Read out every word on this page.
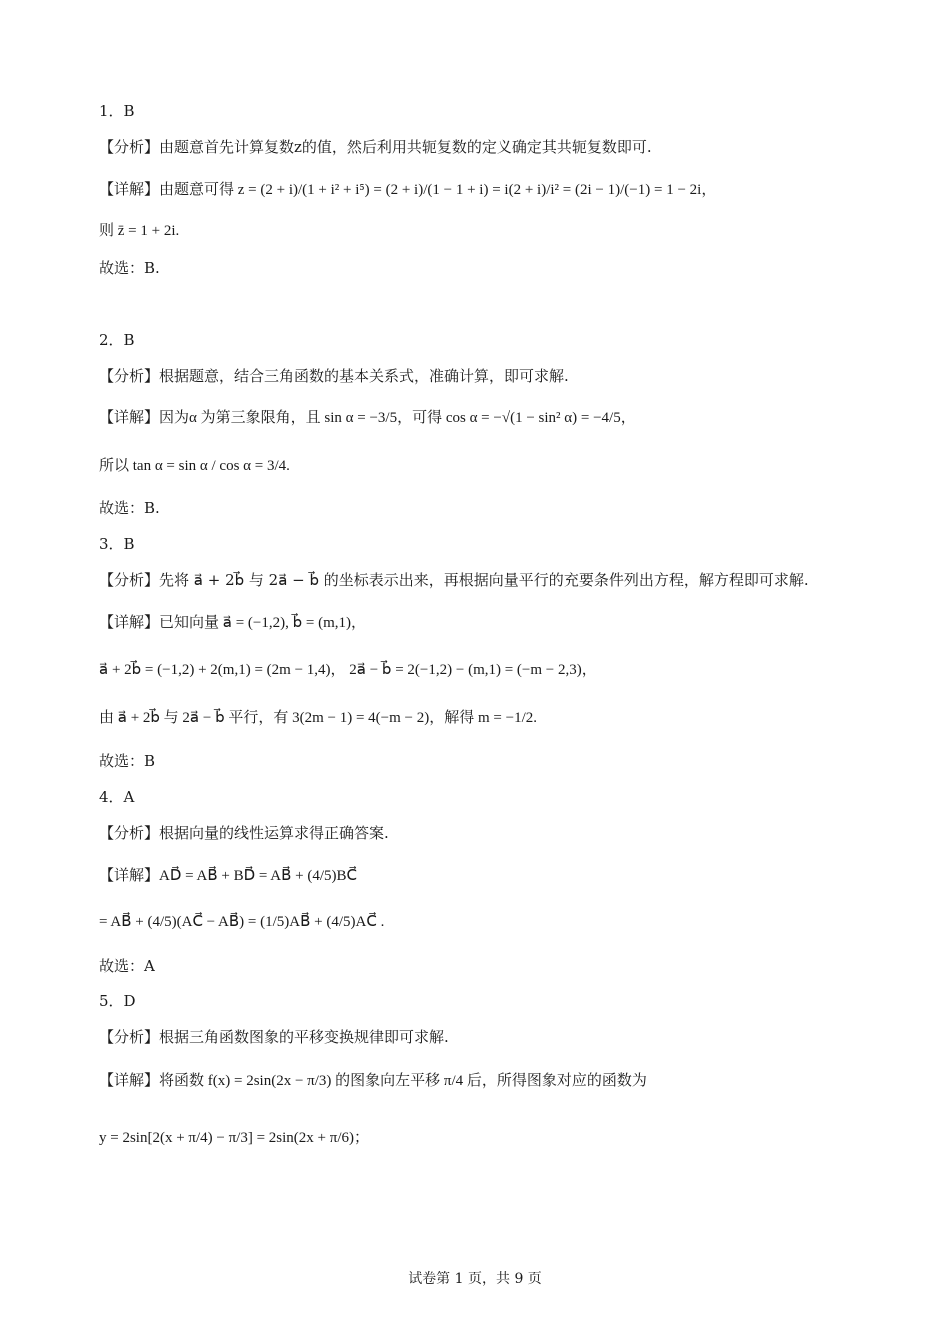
1．B
【分析】由题意首先计算复数z的值，然后利用共轭复数的定义确定其共轭复数即可.
【详解】由题意可得 z = (2 + i)/(1 + i² + i⁵) = (2 + i)/(1 − 1 + i) = i(2 + i)/i² = (2i − 1)/(−1) = 1 − 2i，
则 z̄ = 1 + 2i.
故选：B.
2．B
【分析】根据题意，结合三角函数的基本关系式，准确计算，即可求解.
【详解】因为α 为第三象限角，且 sin α = −3/5，可得 cos α = −√(1 − sin² α) = −4/5，
所以 tan α = sin α / cos α = 3/4.
故选：B.
3．B
【分析】先将 a⃗ + 2b⃗ 与 2a⃗ − b⃗ 的坐标表示出来，再根据向量平行的充要条件列出方程，解方程即可求解.
【详解】已知向量 a⃗ = (−1,2), b⃗ = (m,1)，
a⃗ + 2b⃗ = (−1,2) + 2(m,1) = (2m − 1,4)， 2a⃗ − b⃗ = 2(−1,2) − (m,1) = (−m − 2,3)，
由 a⃗ + 2b⃗ 与 2a⃗ − b⃗ 平行，有 3(2m − 1) = 4(−m − 2)，解得 m = −1/2.
故选：B
4．A
【分析】根据向量的线性运算求得正确答案.
【详解】AD⃗ = AB⃗ + BD⃗ = AB⃗ + (4/5)BC⃗
= AB⃗ + (4/5)(AC⃗ − AB⃗) = (1/5)AB⃗ + (4/5)AC⃗ .
故选：A
5．D
【分析】根据三角函数图象的平移变换规律即可求解.
【详解】将函数 f(x) = 2sin(2x − π/3) 的图象向左平移 π/4 后，所得图象对应的函数为
y = 2sin[2(x + π/4) − π/3] = 2sin(2x + π/6)；
试卷第 1 页，共 9 页
